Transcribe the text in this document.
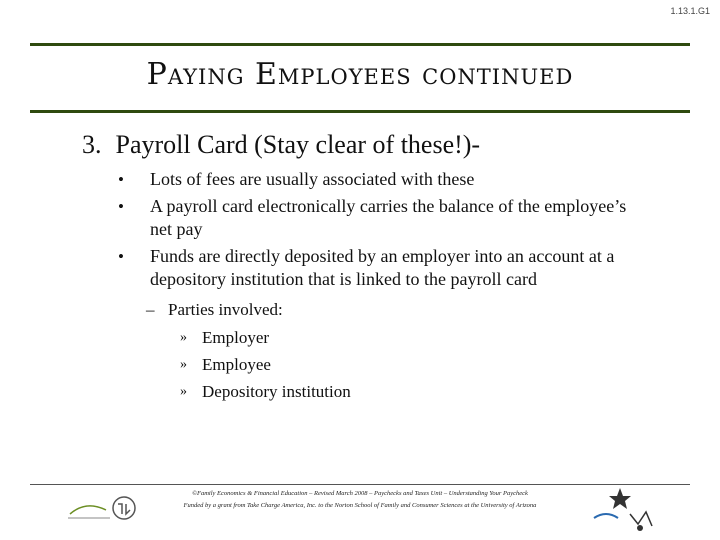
1.13.1.G1
Paying Employees continued
3. Payroll Card (Stay clear of these!)-
•	Lots of fees are usually associated with these
•	A payroll card electronically carries the balance of the employee’s net pay
•	Funds are directly deposited by an employer into an account at a depository institution that is linked to the payroll card
– Parties involved:
» Employer
» Employee
» Depository institution
©Family Economics & Financial Education – Revised March 2008 – Paychecks and Taxes Unit – Understanding Your Paycheck
Funded by a grant from Take Charge America, Inc. to the Norton School of Family and Consumer Sciences at the University of Arizona
